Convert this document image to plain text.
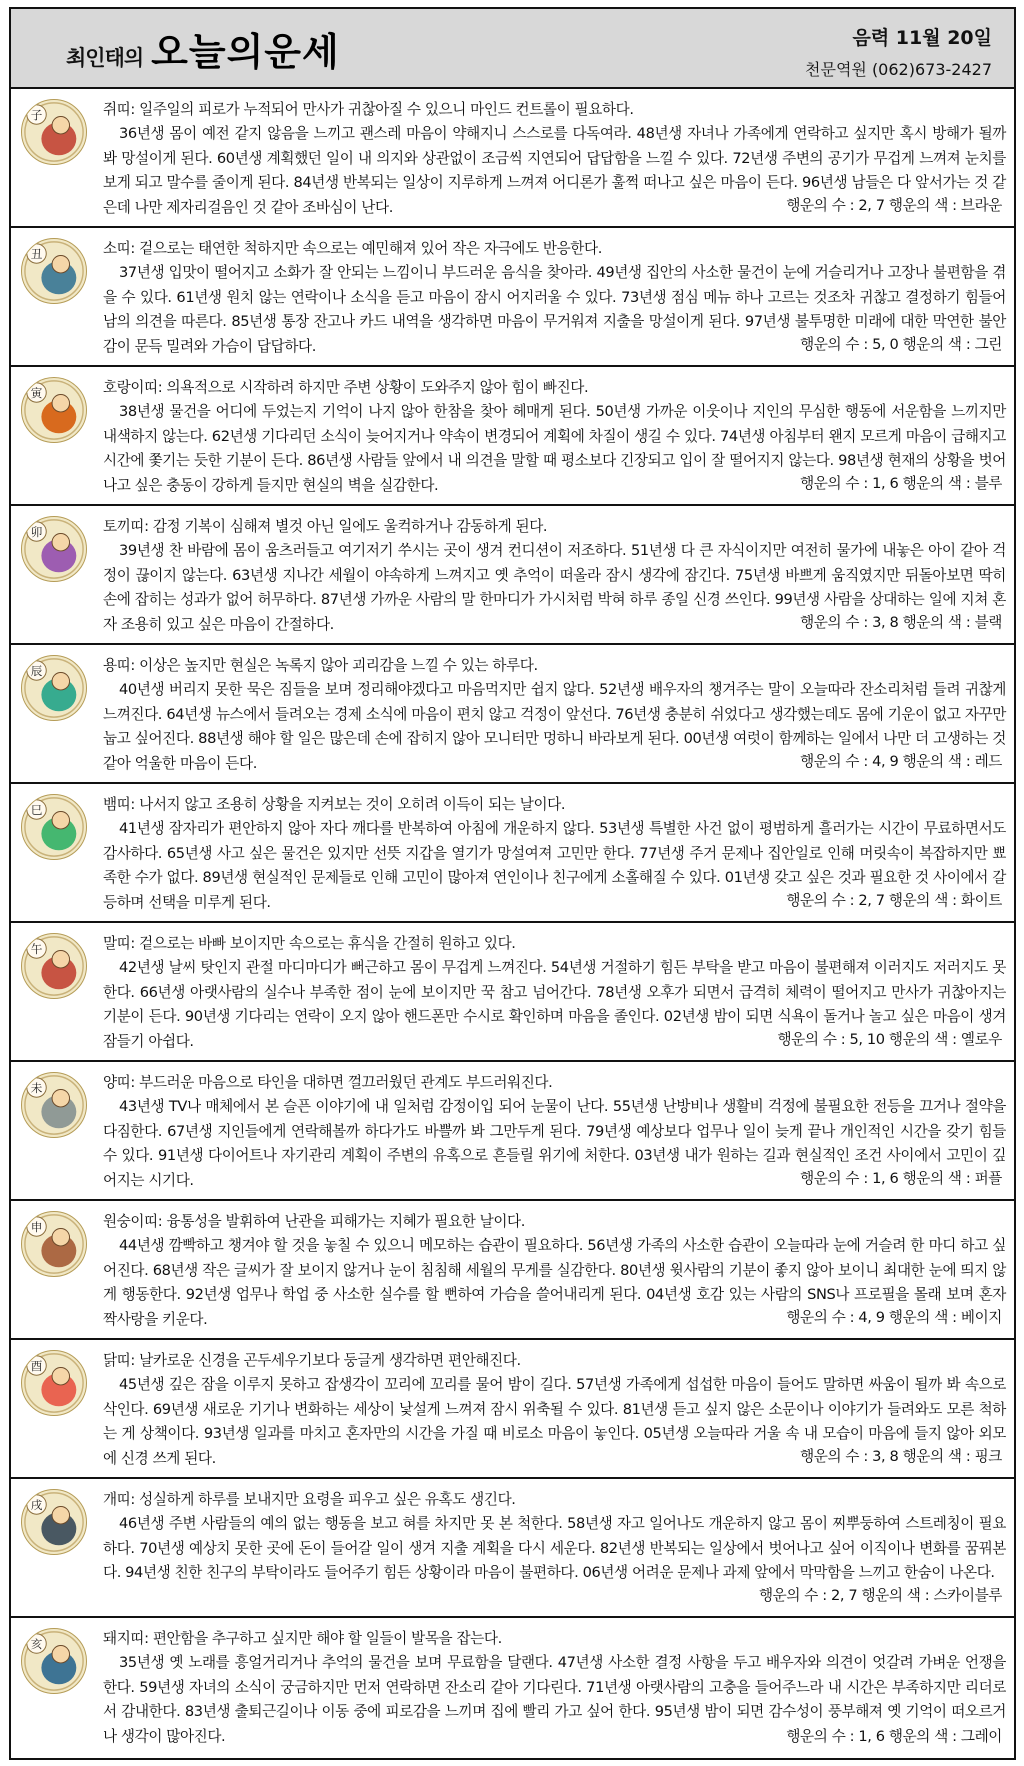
최인태의 오늘의운세	음력 11월 20일
천문역원 (062)673-2427
子	쥐띠: 일주일의 피로가 누적되어 만사가 귀찮아질 수 있으니 마인드 컨트롤이 필요하다.
36년생 몸이 예전 같지 않음을 느끼고 괜스레 마음이 약해지니 스스로를 다독여라. 48년생 자녀나 가족에게 연락하고 싶지만 혹시 방해가 될까 봐 망설이게 된다. 60년생 계획했던 일이 내 의지와 상관없이 조금씩 지연되어 답답함을 느낄 수 있다. 72년생 주변의 공기가 무겁게 느껴져 눈치를 보게 되고 말수를 줄이게 된다. 84년생 반복되는 일상이 지루하게 느껴져 어디론가 훌쩍 떠나고 싶은 마음이 든다. 96년생 남들은 다 앞서가는 것 같은데 나만 제자리걸음인 것 같아 조바심이 난다.	행운의 수 : 2, 7 행운의 색 : 브라운
丑	소띠: 겉으로는 태연한 척하지만 속으로는 예민해져 있어 작은 자극에도 반응한다.
37년생 입맛이 떨어지고 소화가 잘 안되는 느낌이니 부드러운 음식을 찾아라. 49년생 집안의 사소한 물건이 눈에 거슬리거나 고장나 불편함을 겪을 수 있다. 61년생 원치 않는 연락이나 소식을 듣고 마음이 잠시 어지러울 수 있다. 73년생 점심 메뉴 하나 고르는 것조차 귀찮고 결정하기 힘들어 남의 의견을 따른다. 85년생 통장 잔고나 카드 내역을 생각하면 마음이 무거워져 지출을 망설이게 된다. 97년생 불투명한 미래에 대한 막연한 불안감이 문득 밀려와 가슴이 답답하다.	행운의 수 : 5, 0 행운의 색 : 그린
寅	호랑이띠: 의욕적으로 시작하려 하지만 주변 상황이 도와주지 않아 힘이 빠진다.
38년생 물건을 어디에 두었는지 기억이 나지 않아 한참을 찾아 헤매게 된다. 50년생 가까운 이웃이나 지인의 무심한 행동에 서운함을 느끼지만 내색하지 않는다. 62년생 기다리던 소식이 늦어지거나 약속이 변경되어 계획에 차질이 생길 수 있다. 74년생 아침부터 왠지 모르게 마음이 급해지고 시간에 쫓기는 듯한 기분이 든다. 86년생 사람들 앞에서 내 의견을 말할 때 평소보다 긴장되고 입이 잘 떨어지지 않는다. 98년생 현재의 상황을 벗어나고 싶은 충동이 강하게 들지만 현실의 벽을 실감한다.	행운의 수 : 1, 6 행운의 색 : 블루
卯	토끼띠: 감정 기복이 심해져 별것 아닌 일에도 울컥하거나 감동하게 된다.
39년생 찬 바람에 몸이 움츠러들고 여기저기 쑤시는 곳이 생겨 컨디션이 저조하다. 51년생 다 큰 자식이지만 여전히 물가에 내놓은 아이 같아 걱정이 끊이지 않는다. 63년생 지나간 세월이 야속하게 느껴지고 옛 추억이 떠올라 잠시 생각에 잠긴다. 75년생 바쁘게 움직였지만 뒤돌아보면 딱히 손에 잡히는 성과가 없어 허무하다. 87년생 가까운 사람의 말 한마디가 가시처럼 박혀 하루 종일 신경 쓰인다. 99년생 사람을 상대하는 일에 지쳐 혼자 조용히 있고 싶은 마음이 간절하다.	행운의 수 : 3, 8 행운의 색 : 블랙
辰	용띠: 이상은 높지만 현실은 녹록지 않아 괴리감을 느낄 수 있는 하루다.
40년생 버리지 못한 묵은 짐들을 보며 정리해야겠다고 마음먹지만 쉽지 않다. 52년생 배우자의 챙겨주는 말이 오늘따라 잔소리처럼 들려 귀찮게 느껴진다. 64년생 뉴스에서 들려오는 경제 소식에 마음이 편치 않고 걱정이 앞선다. 76년생 충분히 쉬었다고 생각했는데도 몸에 기운이 없고 자꾸만 눕고 싶어진다. 88년생 해야 할 일은 많은데 손에 잡히지 않아 모니터만 멍하니 바라보게 된다. 00년생 여럿이 함께하는 일에서 나만 더 고생하는 것 같아 억울한 마음이 든다.	행운의 수 : 4, 9 행운의 색 : 레드
巳	뱀띠: 나서지 않고 조용히 상황을 지켜보는 것이 오히려 이득이 되는 날이다.
41년생 잠자리가 편안하지 않아 자다 깨다를 반복하여 아침에 개운하지 않다. 53년생 특별한 사건 없이 평범하게 흘러가는 시간이 무료하면서도 감사하다. 65년생 사고 싶은 물건은 있지만 선뜻 지갑을 열기가 망설여져 고민만 한다. 77년생 주거 문제나 집안일로 인해 머릿속이 복잡하지만 뾰족한 수가 없다. 89년생 현실적인 문제들로 인해 고민이 많아져 연인이나 친구에게 소홀해질 수 있다. 01년생 갖고 싶은 것과 필요한 것 사이에서 갈등하며 선택을 미루게 된다.	행운의 수 : 2, 7 행운의 색 : 화이트
午	말띠: 겉으로는 바빠 보이지만 속으로는 휴식을 간절히 원하고 있다.
42년생 날씨 탓인지 관절 마디마디가 뻐근하고 몸이 무겁게 느껴진다. 54년생 거절하기 힘든 부탁을 받고 마음이 불편해져 이러지도 저러지도 못한다. 66년생 아랫사람의 실수나 부족한 점이 눈에 보이지만 꾹 참고 넘어간다. 78년생 오후가 되면서 급격히 체력이 떨어지고 만사가 귀찮아지는 기분이 든다. 90년생 기다리는 연락이 오지 않아 핸드폰만 수시로 확인하며 마음을 졸인다. 02년생 밤이 되면 식욕이 돌거나 놀고 싶은 마음이 생겨 잠들기 아쉽다.	행운의 수 : 5, 10 행운의 색 : 옐로우
未	양띠: 부드러운 마음으로 타인을 대하면 껄끄러웠던 관계도 부드러워진다.
43년생 TV나 매체에서 본 슬픈 이야기에 내 일처럼 감정이입 되어 눈물이 난다. 55년생 난방비나 생활비 걱정에 불필요한 전등을 끄거나 절약을 다짐한다. 67년생 지인들에게 연락해볼까 하다가도 바쁠까 봐 그만두게 된다. 79년생 예상보다 업무나 일이 늦게 끝나 개인적인 시간을 갖기 힘들 수 있다. 91년생 다이어트나 자기관리 계획이 주변의 유혹으로 흔들릴 위기에 처한다. 03년생 내가 원하는 길과 현실적인 조건 사이에서 고민이 깊어지는 시기다.	행운의 수 : 1, 6 행운의 색 : 퍼플
申	원숭이띠: 융통성을 발휘하여 난관을 피해가는 지혜가 필요한 날이다.
44년생 깜빡하고 챙겨야 할 것을 놓칠 수 있으니 메모하는 습관이 필요하다. 56년생 가족의 사소한 습관이 오늘따라 눈에 거슬려 한 마디 하고 싶어진다. 68년생 작은 글씨가 잘 보이지 않거나 눈이 침침해 세월의 무게를 실감한다. 80년생 윗사람의 기분이 좋지 않아 보이니 최대한 눈에 띄지 않게 행동한다. 92년생 업무나 학업 중 사소한 실수를 할 뻔하여 가슴을 쓸어내리게 된다. 04년생 호감 있는 사람의 SNS나 프로필을 몰래 보며 혼자 짝사랑을 키운다.	행운의 수 : 4, 9 행운의 색 : 베이지
酉	닭띠: 날카로운 신경을 곤두세우기보다 둥글게 생각하면 편안해진다.
45년생 깊은 잠을 이루지 못하고 잡생각이 꼬리에 꼬리를 물어 밤이 길다. 57년생 가족에게 섭섭한 마음이 들어도 말하면 싸움이 될까 봐 속으로 삭인다. 69년생 새로운 기기나 변화하는 세상이 낯설게 느껴져 잠시 위축될 수 있다. 81년생 듣고 싶지 않은 소문이나 이야기가 들려와도 모른 척하는 게 상책이다. 93년생 일과를 마치고 혼자만의 시간을 가질 때 비로소 마음이 놓인다. 05년생 오늘따라 거울 속 내 모습이 마음에 들지 않아 외모에 신경 쓰게 된다.	행운의 수 : 3, 8 행운의 색 : 핑크
戌	개띠: 성실하게 하루를 보내지만 요령을 피우고 싶은 유혹도 생긴다.
46년생 주변 사람들의 예의 없는 행동을 보고 혀를 차지만 못 본 척한다. 58년생 자고 일어나도 개운하지 않고 몸이 찌뿌둥하여 스트레칭이 필요하다. 70년생 예상치 못한 곳에 돈이 들어갈 일이 생겨 지출 계획을 다시 세운다. 82년생 반복되는 일상에서 벗어나고 싶어 이직이나 변화를 꿈꿔본다. 94년생 친한 친구의 부탁이라도 들어주기 힘든 상황이라 마음이 불편하다. 06년생 어려운 문제나 과제 앞에서 막막함을 느끼고 한숨이 나온다.
행운의 수 : 2, 7 행운의 색 : 스카이블루
亥	돼지띠: 편안함을 추구하고 싶지만 해야 할 일들이 발목을 잡는다.
35년생 옛 노래를 흥얼거리거나 추억의 물건을 보며 무료함을 달랜다. 47년생 사소한 결정 사항을 두고 배우자와 의견이 엇갈려 가벼운 언쟁을 한다. 59년생 자녀의 소식이 궁금하지만 먼저 연락하면 잔소리 같아 기다린다. 71년생 아랫사람의 고충을 들어주느라 내 시간은 부족하지만 리더로서 감내한다. 83년생 출퇴근길이나 이동 중에 피로감을 느끼며 집에 빨리 가고 싶어 한다. 95년생 밤이 되면 감수성이 풍부해져 옛 기억이 떠오르거나 생각이 많아진다.	행운의 수 : 1, 6 행운의 색 : 그레이
